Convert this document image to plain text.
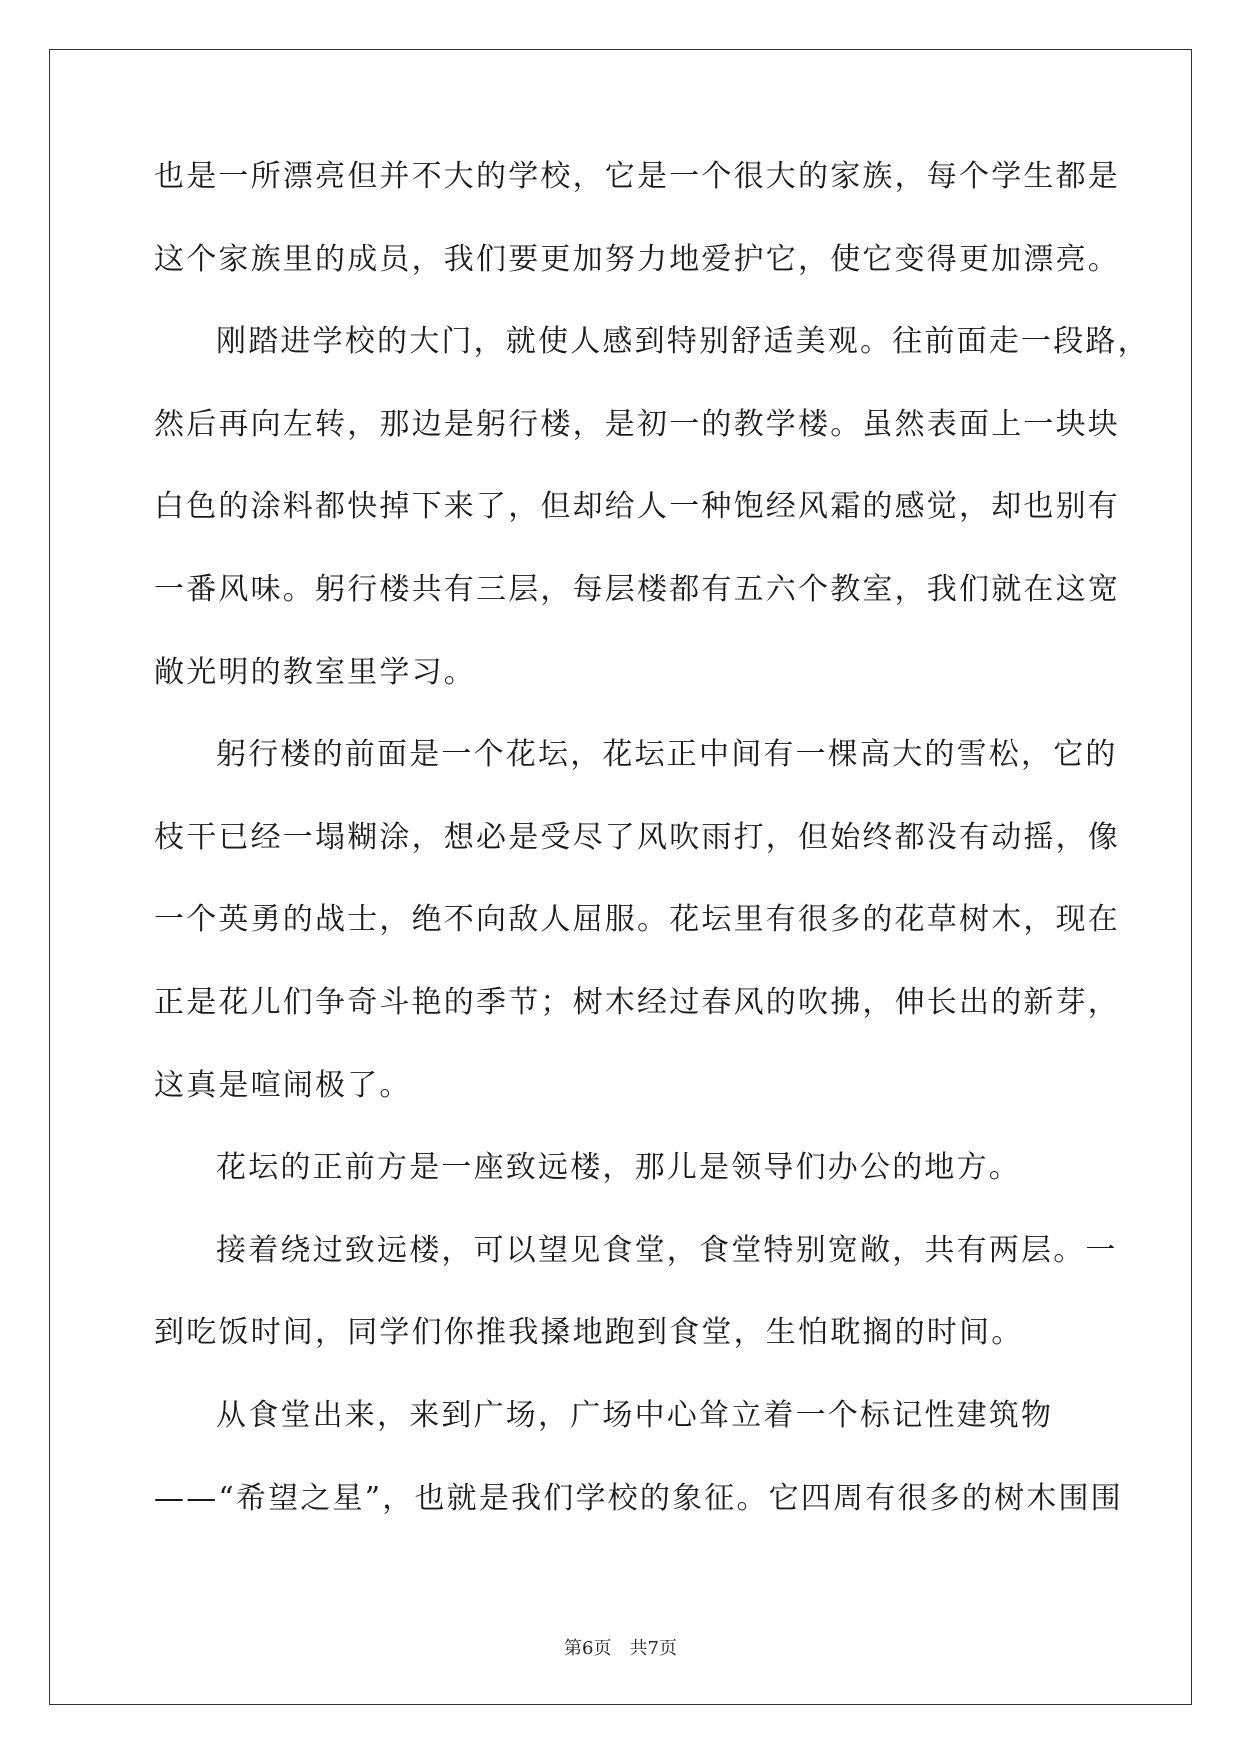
也是一所漂亮但并不大的学校，它是一个很大的家族，每个学生都是
这个家族里的成员，我们要更加努力地爱护它，使它变得更加漂亮。
刚踏进学校的大门，就使人感到特别舒适美观。往前面走一段路，
然后再向左转，那边是躬行楼，是初一的教学楼。虽然表面上一块块
白色的涂料都快掉下来了，但却给人一种饱经风霜的感觉，却也别有
一番风味。躬行楼共有三层，每层楼都有五六个教室，我们就在这宽
敞光明的教室里学习。
躬行楼的前面是一个花坛，花坛正中间有一棵高大的雪松，它的
枝干已经一塌糊涂，想必是受尽了风吹雨打，但始终都没有动摇，像
一个英勇的战士，绝不向敌人屈服。花坛里有很多的花草树木，现在
正是花儿们争奇斗艳的季节；树木经过春风的吹拂，伸长出的新芽，
这真是喧闹极了。
花坛的正前方是一座致远楼，那儿是领导们办公的地方。
接着绕过致远楼，可以望见食堂，食堂特别宽敞，共有两层。一
到吃饭时间，同学们你推我搡地跑到食堂，生怕耽搁的时间。
从食堂出来，来到广场，广场中心耸立着一个标记性建筑物
——“希望之星”，也就是我们学校的象征。它四周有很多的树木围围
第6页 共7页
